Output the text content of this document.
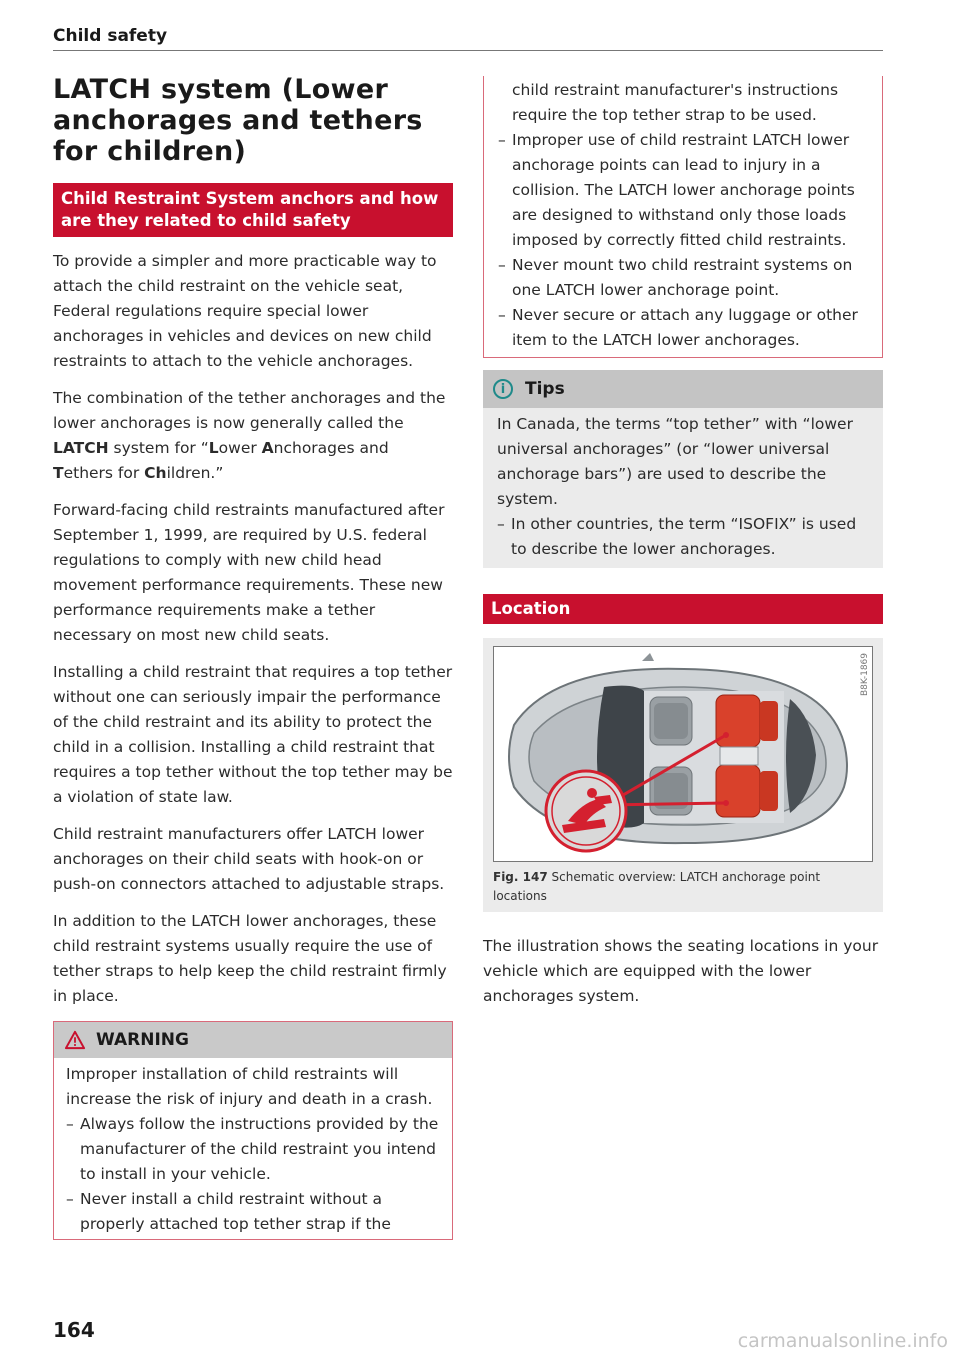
Child safety
LATCH system (Lower anchorages and tethers for children)
Child Restraint System anchors and how are they related to child safety

To provide a simpler and more practicable way to attach the child restraint on the vehicle seat, Federal regulations require special lower anchorages in vehicles and devices on new child restraints to attach to the vehicle anchorages.

The combination of the tether anchorages and the lower anchorages is now generally called the LATCH system for “Lower Anchorages and Tethers for Children.”

Forward-facing child restraints manufactured after September 1, 1999, are required by U.S. federal regulations to comply with new child head movement performance requirements. These new performance requirements make a tether necessary on most new child seats.

Installing a child restraint that requires a top tether without one can seriously impair the performance of the child restraint and its ability to protect the child in a collision. Installing a child restraint that requires a top tether without the top tether may be a violation of state law.

Child restraint manufacturers offer LATCH lower anchorages on their child seats with hook-on or push-on connectors attached to adjustable straps.

In addition to the LATCH lower anchorages, these child restraint systems usually require the use of tether straps to help keep the child restraint firmly in place.

WARNING

Improper installation of child restraints will increase the risk of injury and death in a crash.

– Always follow the instructions provided by the manufacturer of the child restraint you intend to install in your vehicle.

– Never install a child restraint without a properly attached top tether strap if the

child restraint manufacturer's instructions require the top tether strap to be used.

– Improper use of child restraint LATCH lower anchorage points can lead to injury in a collision. The LATCH lower anchorage points are designed to withstand only those loads imposed by correctly fitted child restraints.

– Never mount two child restraint systems on one LATCH lower anchorage point.

– Never secure or attach any luggage or other item to the LATCH lower anchorages.

i	Tips

In Canada, the terms “top tether” with “lower universal anchorages” (or “lower universal anchorage bars”) are used to describe the system.

– In other countries, the term “ISOFIX” is used to describe the lower anchorages.

Location
B8K-1869
Fig. 147 Schematic overview: LATCH anchorage point locations

The illustration shows the seating locations in your vehicle which are equipped with the lower anchorages system.

164	carmanualsonline.info
